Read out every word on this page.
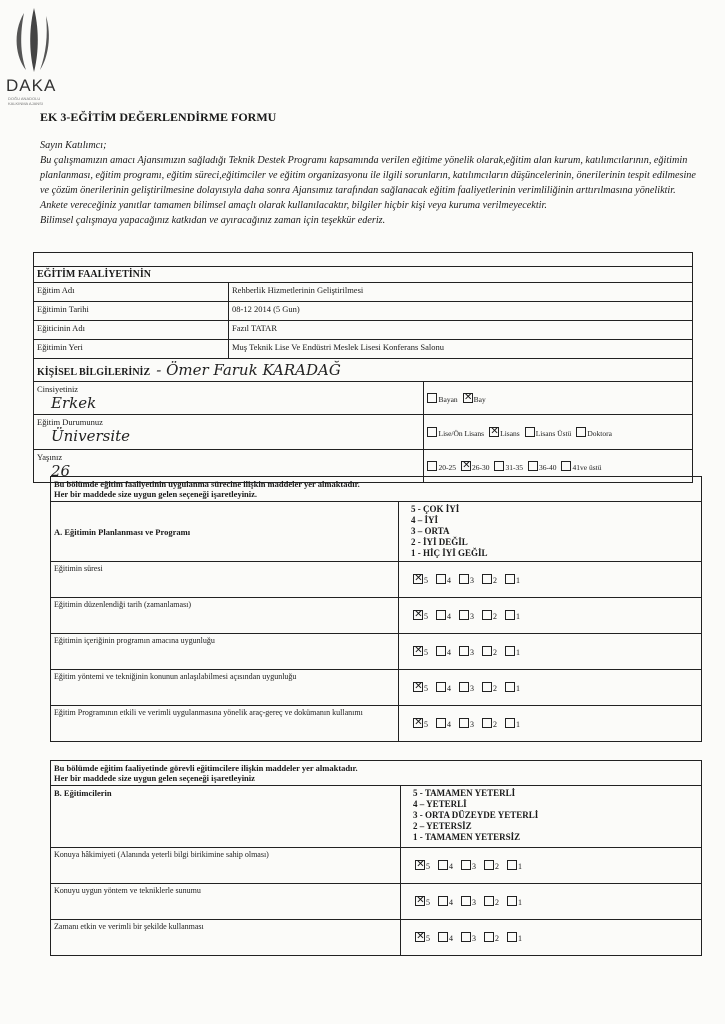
DAKA
DOĞU ANADOLU KALKINMA AJANSI
EK 3-EĞİTİM DEĞERLENDİRME FORMU
Sayın Katılımcı;
Bu çalışmamızın amacı Ajansımızın sağladığı Teknik Destek Programı kapsamında verilen eğitime yönelik olarak,eğitim alan kurum, katılımcılarının, eğitimin planlanması, eğitim programı, eğitim süreci,eğitimciler ve eğitim organizasyonu ile ilgili sorunların, katılımcıların düşüncelerinin, önerilerinin tespit edilmesine ve çözüm önerilerinin geliştirilmesine dolayısıyla daha sonra Ajansımız tarafından sağlanacak eğitim faaliyetlerinin verimliliğinin arttırılmasına yöneliktir. Ankete vereceğiniz yanıtlar tamamen bilimsel amaçlı olarak kullanılacaktır, bilgiler hiçbir kişi veya kuruma verilmeyecektir.
Bilimsel çalışmaya yapacağınız katkıdan ve ayıracağınız zaman için teşekkür ederiz.

EĞİTİM FAALİYETİNİN		
Eğitim Adı	Rehberlik Hizmetlerinin Geliştirilmesi	
Eğitimin Tarihi	08-12 2014 (5 Gun)	
Eğiticinin Adı	Fazıl TATAR	
Eğitimin Yeri	Muş Teknik Lise Ve Endüstri Meslek Lisesi Konferans Salonu	
KİŞİSEL BİLGİLERİNİZ - Ömer Faruk KARADAĞ		
Cinsiyetiniz
Erkek		Bayan ✕ Bay
Eğitim Durumunuz
Üniversite		Lise/Ön Lisans ✕ Lisans Lisans Üstü Doktora
Yaşınız
26		20-25 ✕ 26-30 31-35 36-40 41ve üstü
Bu bölümde eğitim faaliyetinin uygulanma sürecine ilişkin maddeler yer almaktadır.
Her bir maddede size uygun gelen seçeneği işaretleyiniz.	

A. Eğitimin Planlanması ve Programı	5 - ÇOK İYİ
4 – İYİ
3 – ORTA
2 - İYİ DEĞİL
1 - HİÇ İYİ GEĞİL

Eğitimin süresi	✕5 4 3 2 1
Eğitimin düzenlendiği tarih (zamanlaması)	✕5 4 3 2 1
Eğitimin içeriğinin programın amacına uygunluğu	✕5 4 3 2 1
Eğitim yöntemi ve tekniğinin konunun anlaşılabilmesi açısından uygunluğu	✕5 4 3 2 1
Eğitim Programının etkili ve verimli uygulanmasına yönelik araç-gereç ve dokümanın kullanımı	✕5 4 3 2 1
Bu bölümde eğitim faaliyetinde görevli eğitimcilere ilişkin maddeler yer almaktadır.
Her bir maddede size uygun gelen seçeneği işaretleyiniz	

B. Eğitimcilerin	5 - TAMAMEN YETERLİ
4 – YETERLİ
3 - ORTA DÜZEYDE YETERLİ
2 – YETERSİZ
1 - TAMAMEN YETERSİZ

Konuya hâkimiyeti (Alanında yeterli bilgi birikimine sahip olması)	✕5 4 3 2 1
Konuyu uygun yöntem ve tekniklerle sunumu	✕5 4 3 2 1
Zamanı etkin ve verimli bir şekilde kullanması	✕5 4 3 2 1
